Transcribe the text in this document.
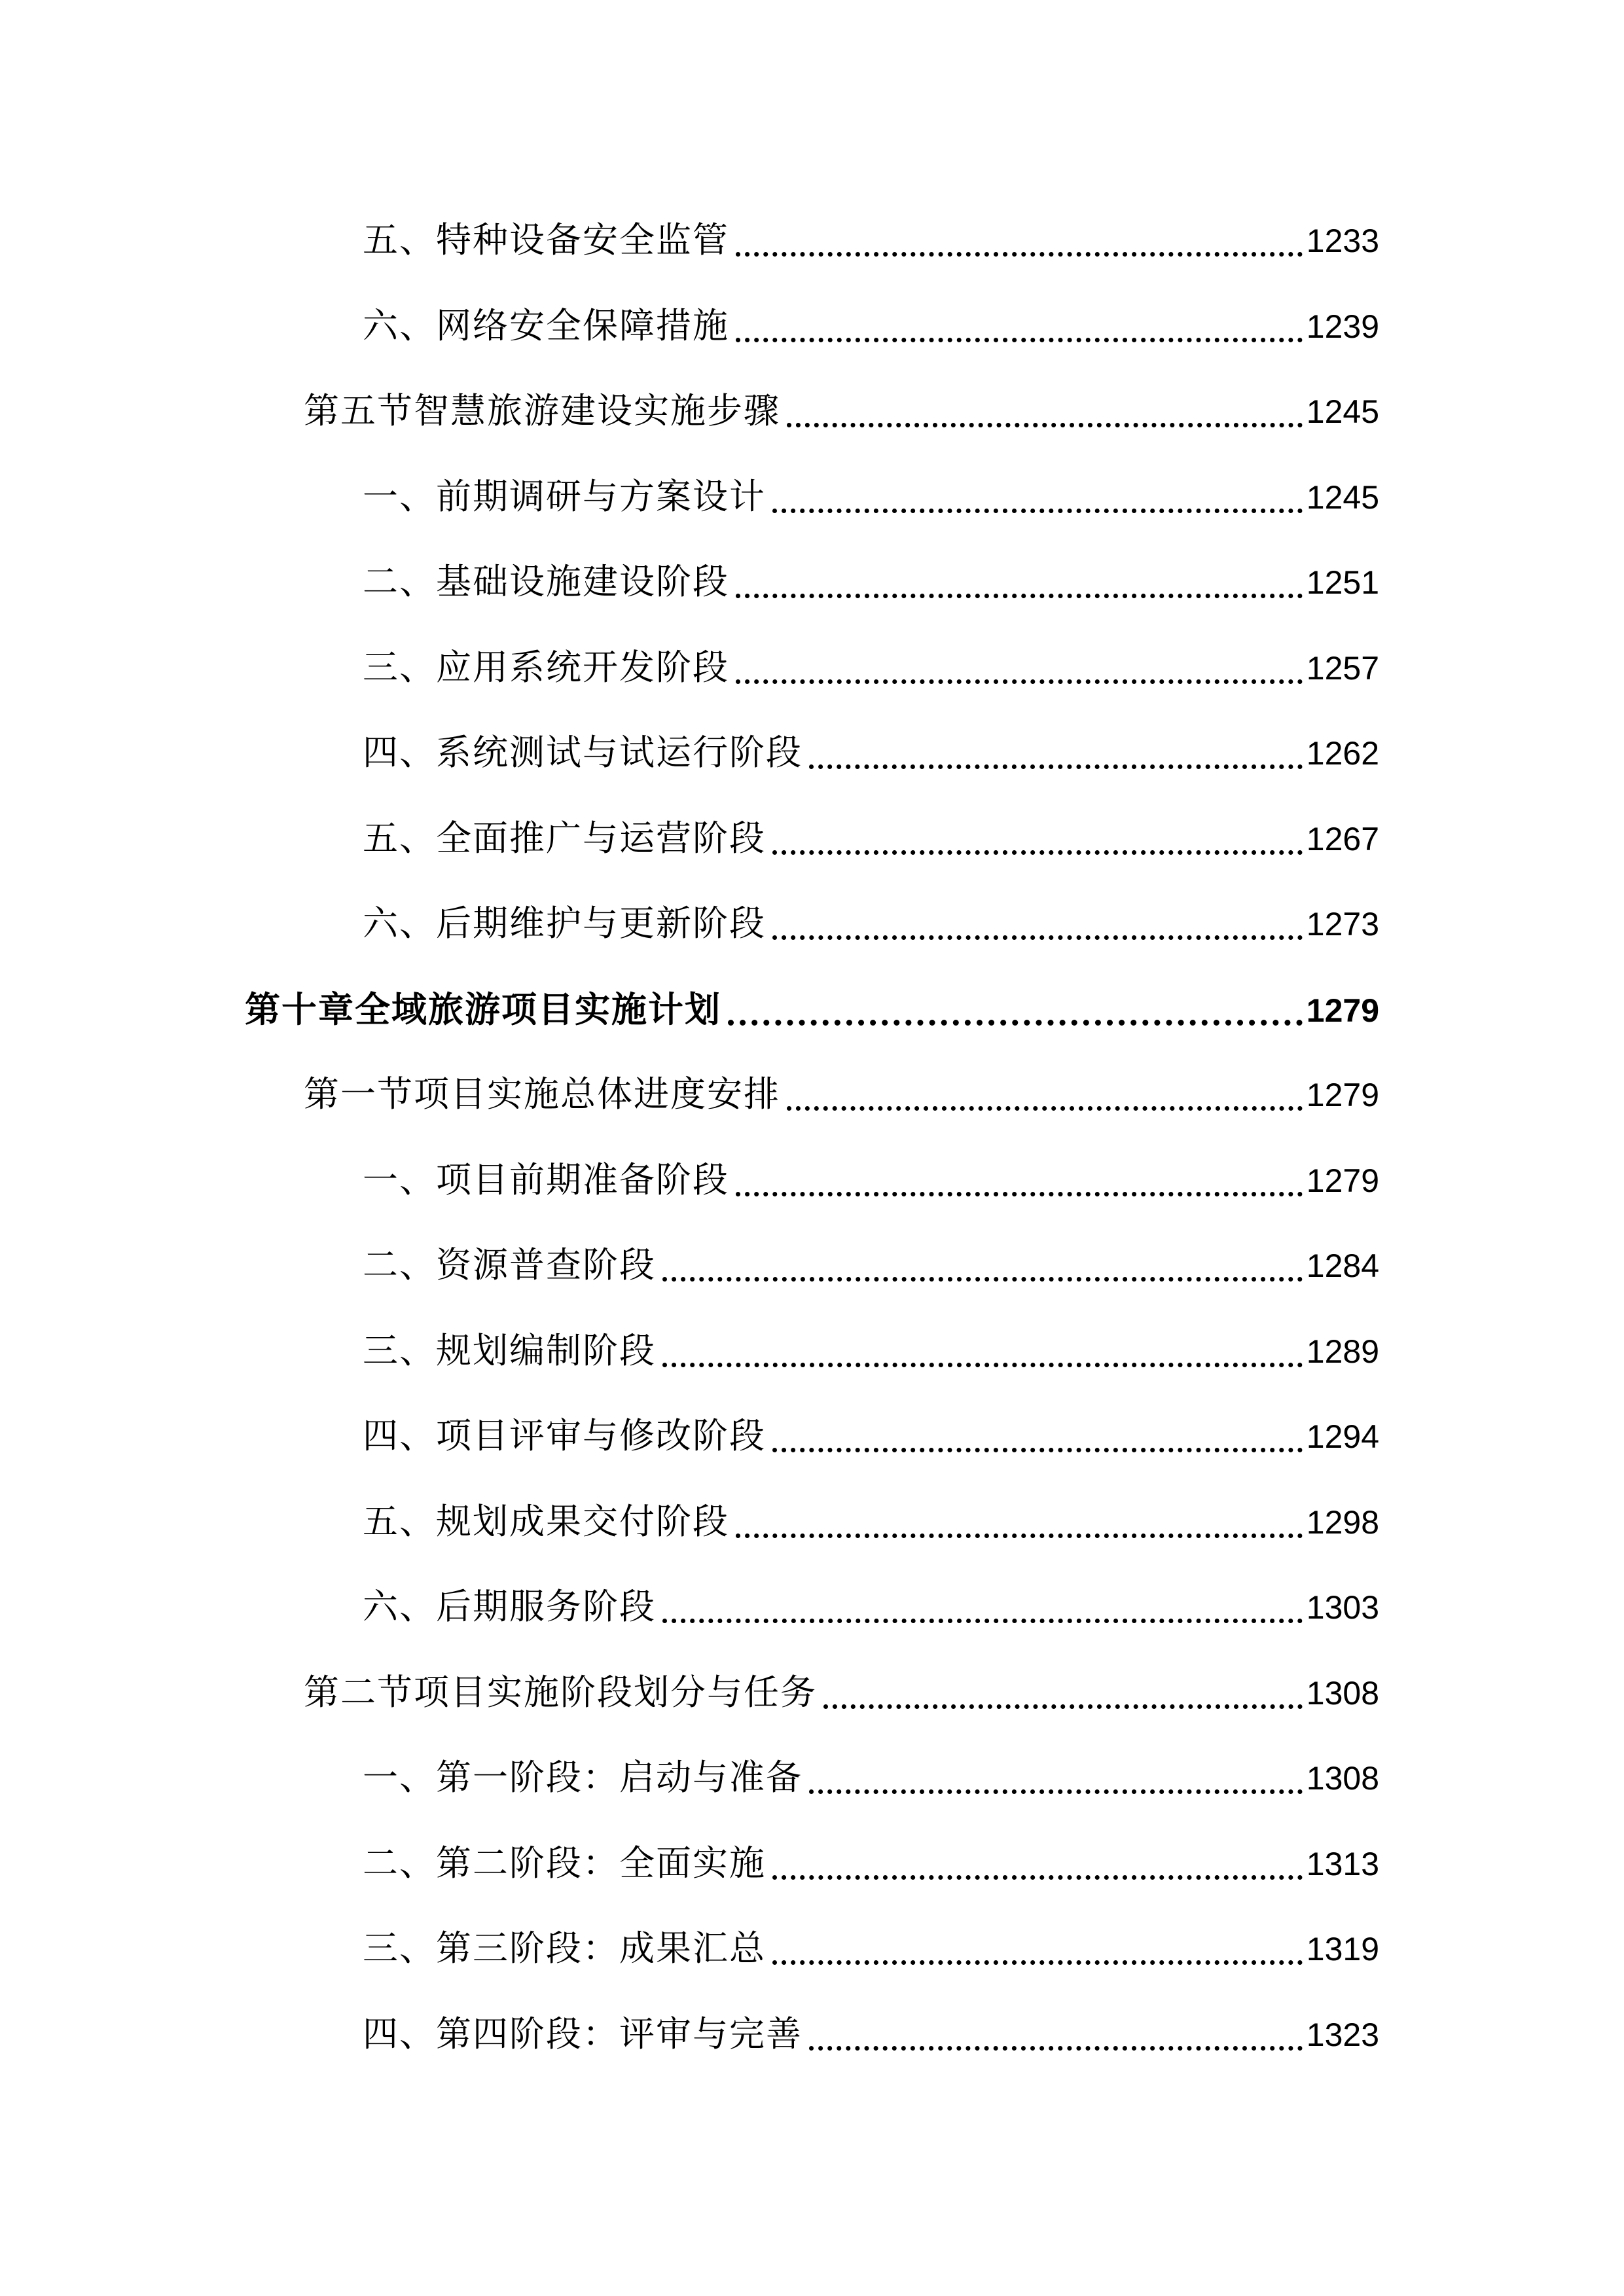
五、特种设备安全监管	1233
六、网络安全保障措施	1239
第五节智慧旅游建设实施步骤	1245
一、前期调研与方案设计	1245
二、基础设施建设阶段	1251
三、应用系统开发阶段	1257
四、系统测试与试运行阶段	1262
五、全面推广与运营阶段	1267
六、后期维护与更新阶段	1273
第十章全域旅游项目实施计划	1279
第一节项目实施总体进度安排	1279
一、项目前期准备阶段	1279
二、资源普查阶段	1284
三、规划编制阶段	1289
四、项目评审与修改阶段	1294
五、规划成果交付阶段	1298
六、后期服务阶段	1303
第二节项目实施阶段划分与任务	1308
一、第一阶段：启动与准备	1308
二、第二阶段：全面实施	1313
三、第三阶段：成果汇总	1319
四、第四阶段：评审与完善	1323
